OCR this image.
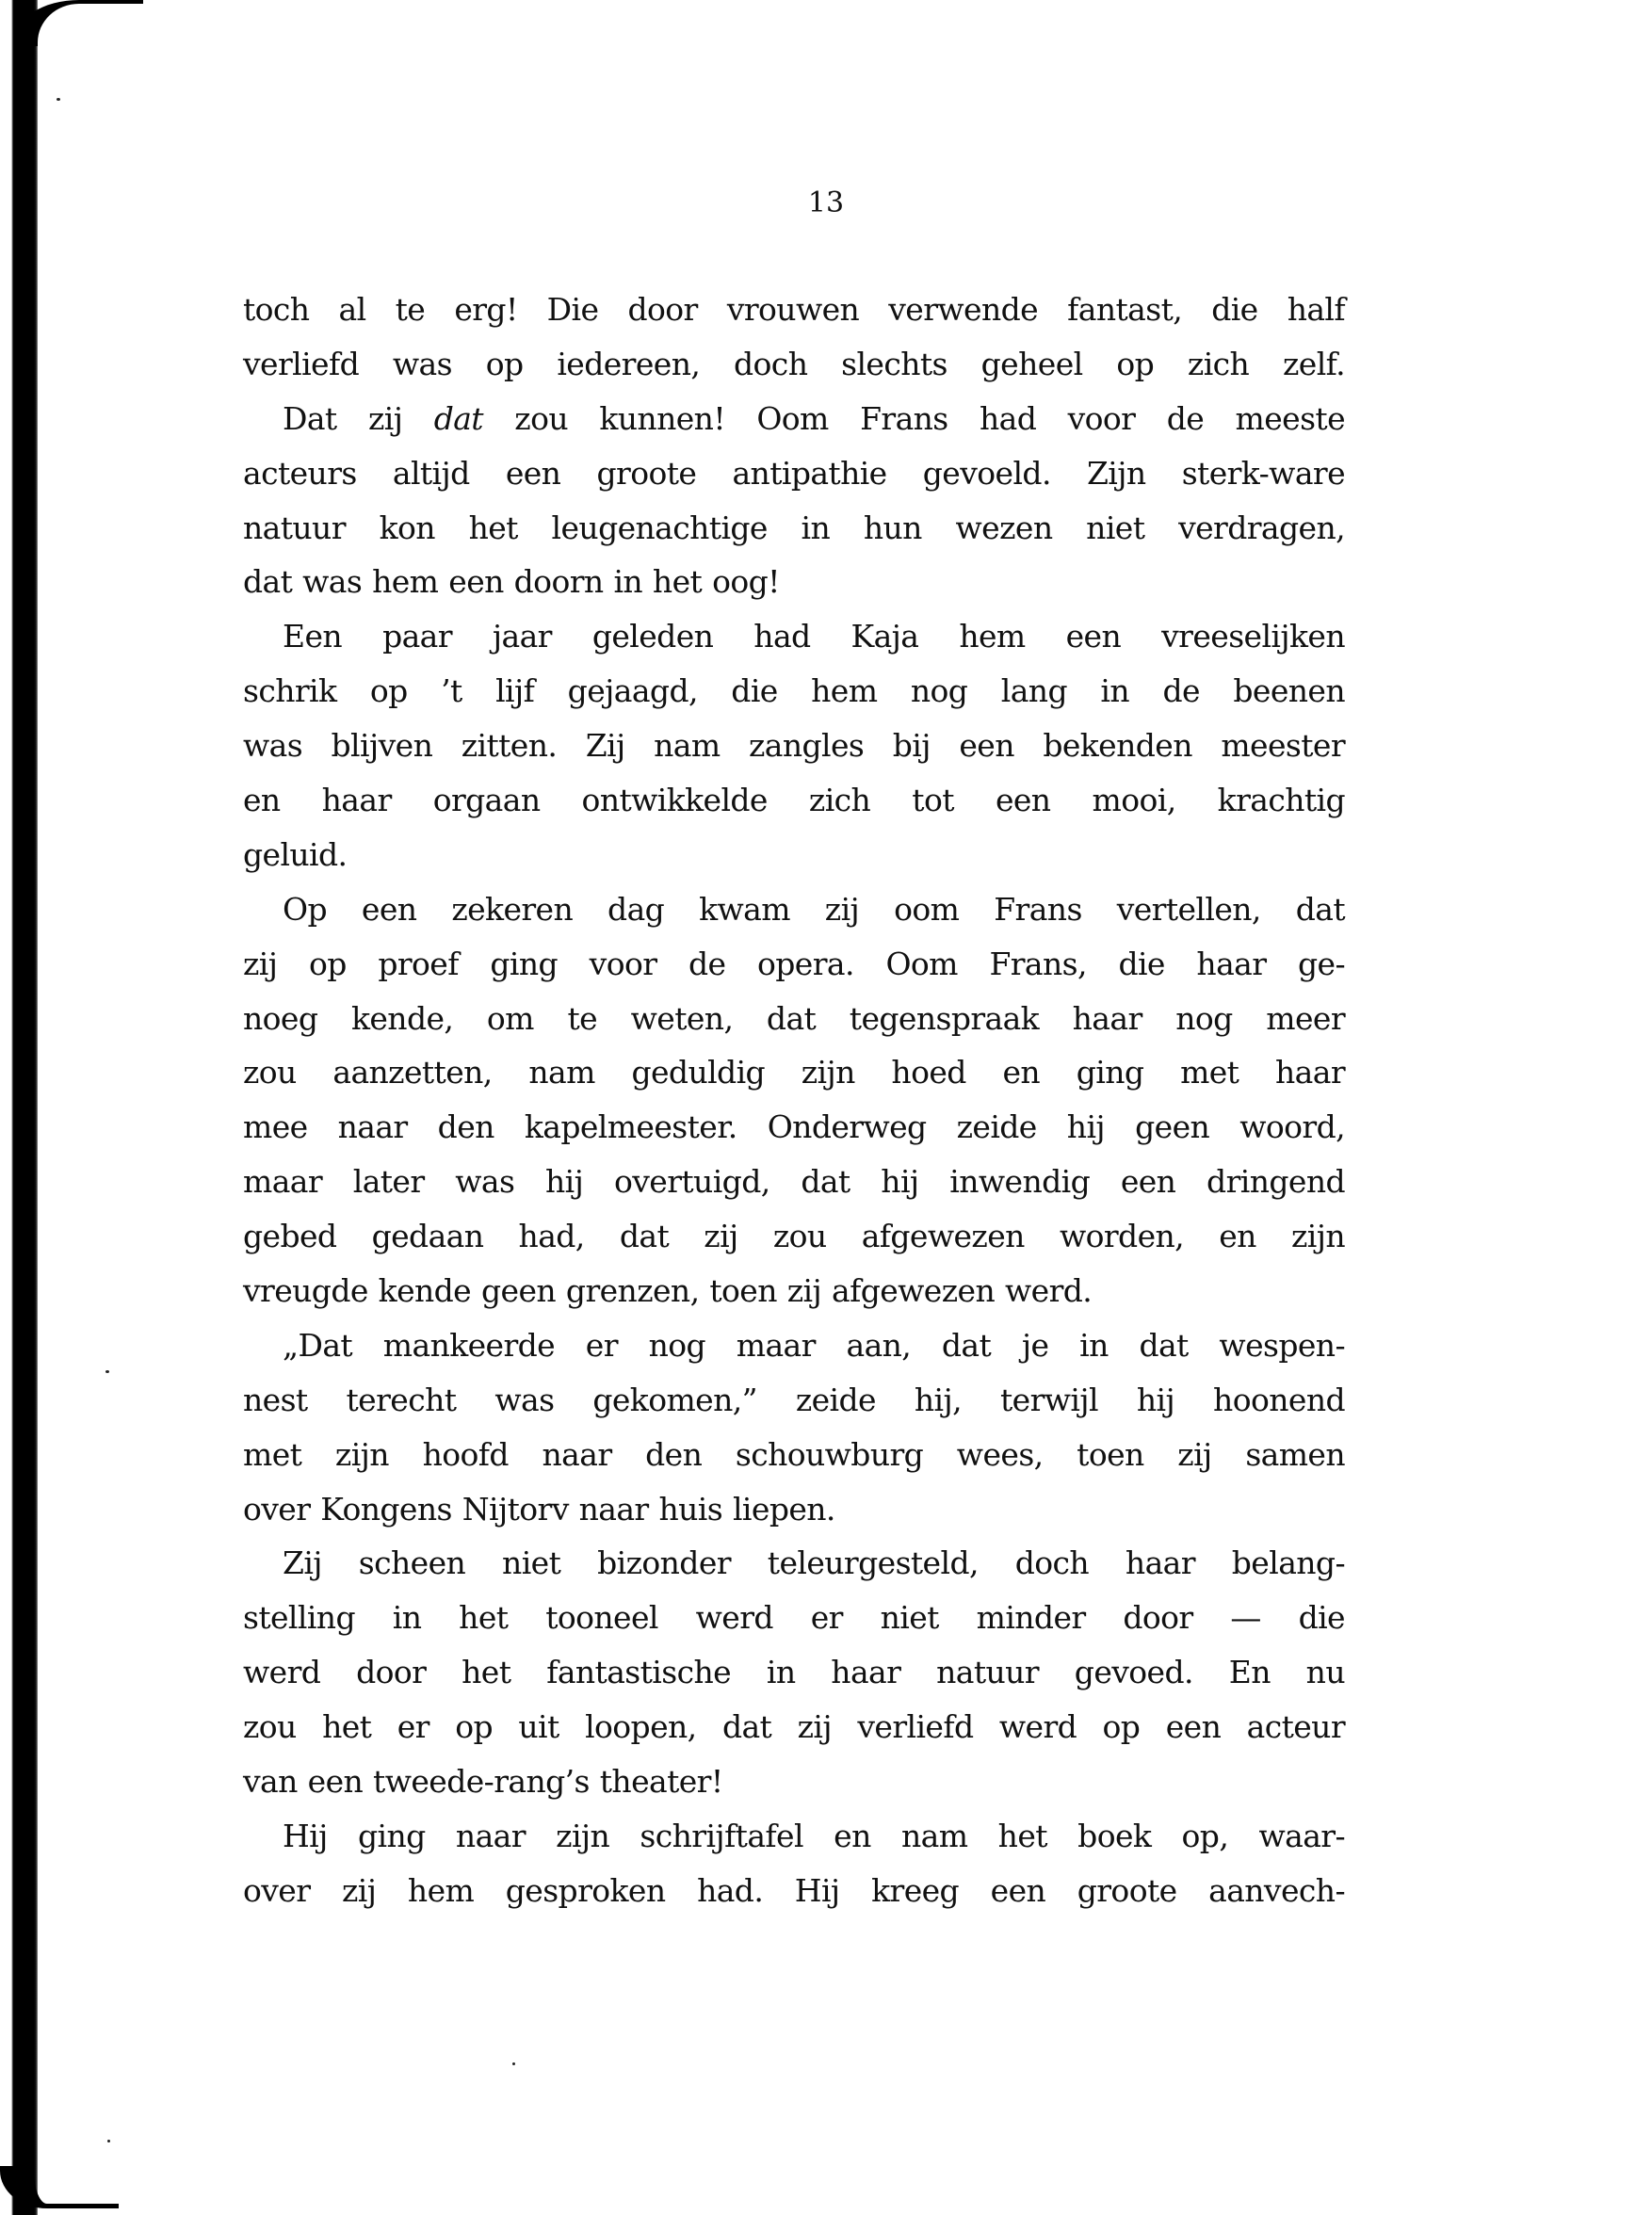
13
toch al te erg! Die door vrouwen verwende fantast, die half
verliefd was op iedereen, doch slechts geheel op zich zelf.
Dat zij dat zou kunnen! Oom Frans had voor de meeste
acteurs altijd een groote antipathie gevoeld. Zijn sterk-ware
natuur kon het leugenachtige in hun wezen niet verdragen,
dat was hem een doorn in het oog!
Een paar jaar geleden had Kaja hem een vreeselijken
schrik op ’t lijf gejaagd, die hem nog lang in de beenen
was blijven zitten. Zij nam zangles bij een bekenden meester
en haar orgaan ontwikkelde zich tot een mooi, krachtig
geluid.
Op een zekeren dag kwam zij oom Frans vertellen, dat
zij op proef ging voor de opera. Oom Frans, die haar ge-
noeg kende, om te weten, dat tegenspraak haar nog meer
zou aanzetten, nam geduldig zijn hoed en ging met haar
mee naar den kapelmeester. Onderweg zeide hij geen woord,
maar later was hij overtuigd, dat hij inwendig een dringend
gebed gedaan had, dat zij zou afgewezen worden, en zijn
vreugde kende geen grenzen, toen zij afgewezen werd.
„Dat mankeerde er nog maar aan, dat je in dat wespen-
nest terecht was gekomen,” zeide hij, terwijl hij hoonend
met zijn hoofd naar den schouwburg wees, toen zij samen
over Kongens Nijtorv naar huis liepen.
Zij scheen niet bizonder teleurgesteld, doch haar belang-
stelling in het tooneel werd er niet minder door — die
werd door het fantastische in haar natuur gevoed. En nu
zou het er op uit loopen, dat zij verliefd werd op een acteur
van een tweede-rang’s theater!
Hij ging naar zijn schrijftafel en nam het boek op, waar-
over zij hem gesproken had. Hij kreeg een groote aanvech-
